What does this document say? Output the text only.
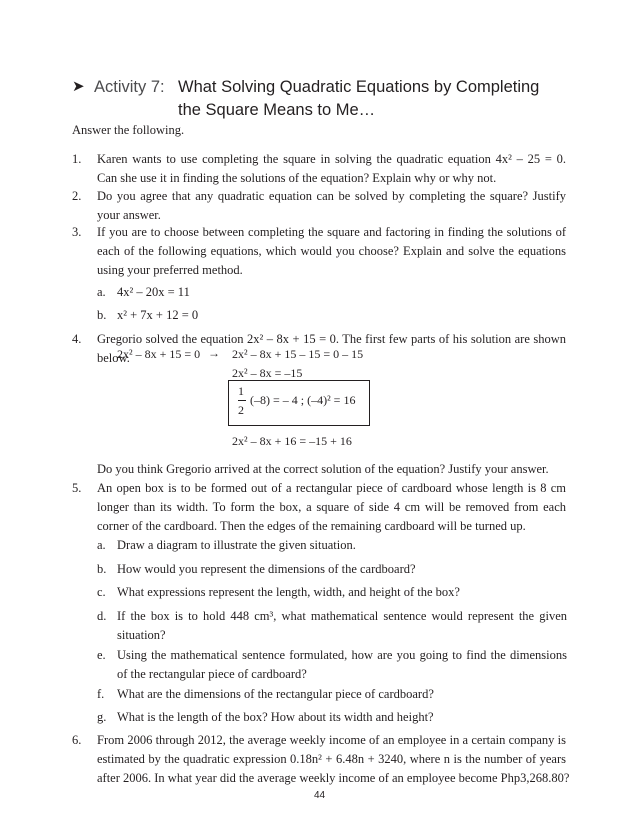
➤ Activity 7: What Solving Quadratic Equations by Completing
the Square Means to Me…
Answer the following.
1.	Karen wants to use completing the square in solving the quadratic equation 4x² – 25 = 0.
Can she use it in finding the solutions of the equation? Explain why or why not.
2.	Do you agree that any quadratic equation can be solved by completing the square? Justify
your answer.
3.	If you are to choose between completing the square and factoring in finding the solutions of
each of the following equations, which would you choose? Explain and solve the equations
using your preferred method.
a. 4x² – 20x = 11
b. x² + 7x + 12 = 0
4.	Gregorio solved the equation 2x² – 8x + 15 = 0. The first few parts of his solution are shown
below.
2x² – 8x + 15 = 0 → 2x² – 8x + 15 – 15 = 0 – 15
2x² – 8x = –15
1
2
(–8) = – 4 ; (–4)² = 16
2x² – 8x + 16 = –15 + 16
Do you think Gregorio arrived at the correct solution of the equation? Justify your answer.
5.	An open box is to be formed out of a rectangular piece of cardboard whose length is 8 cm
longer than its width. To form the box, a square of side 4 cm will be removed from each
corner of the cardboard. Then the edges of the remaining cardboard will be turned up.
a. Draw a diagram to illustrate the given situation.
b. How would you represent the dimensions of the cardboard?
c. What expressions represent the length, width, and height of the box?
d. If the box is to hold 448 cm³, what mathematical sentence would represent the given
situation?
e. Using the mathematical sentence formulated, how are you going to find the dimensions
of the rectangular piece of cardboard?
f. What are the dimensions of the rectangular piece of cardboard?
g. What is the length of the box? How about its width and height?
6.	From 2006 through 2012, the average weekly income of an employee in a certain company is
estimated by the quadratic expression 0.18n² + 6.48n + 3240, where n is the number of years
after 2006. In what year did the average weekly income of an employee become Php3,268.80?
44
